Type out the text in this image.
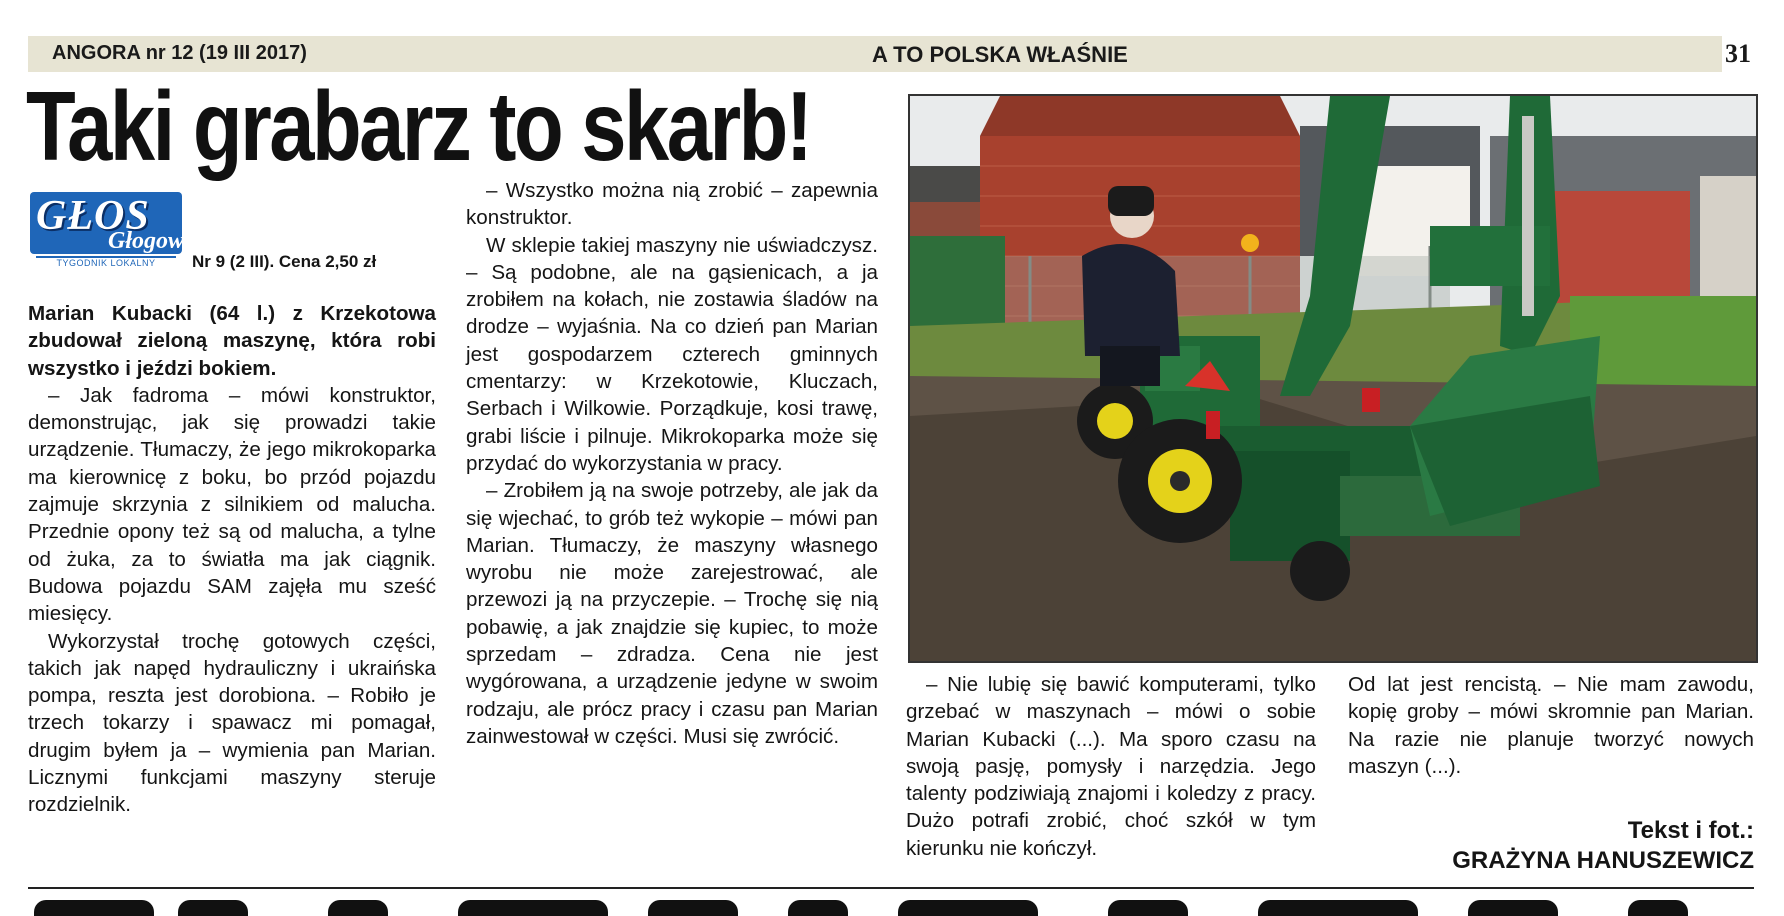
ANGORA nr 12 (19 III 2017)	A TO POLSKA WŁAŚNIE	31
Taki grabarz to skarb!
GŁOS
Głogowa
TYGODNIK LOKALNY	Nr 9 (2 III). Cena 2,50 zł

Marian Kubacki (64 l.) z Krzekotowa zbudował zieloną maszynę, która robi wszystko i jeździ bokiem.

– Jak fadroma – mówi konstruktor, demonstrując, jak się prowadzi takie urządzenie. Tłumaczy, że jego mikrokoparka ma kierownicę z boku, bo przód pojazdu zajmuje skrzynia z silnikiem od malucha. Przednie opony też są od malucha, a tylne od żuka, za to światła ma jak ciągnik. Budowa pojazdu SAM zajęła mu sześć miesięcy.

Wykorzystał trochę gotowych części, takich jak napęd hydrauliczny i ukraińska pompa, reszta jest dorobiona. – Robiło je trzech tokarzy i spawacz mi pomagał, drugim byłem ja – wymienia pan Marian. Licznymi funkcjami maszyny steruje rozdzielnik.

– Wszystko można nią zrobić – zapewnia konstruktor.

W sklepie takiej maszyny nie uświadczysz. – Są podobne, ale na gąsienicach, a ja zrobiłem na kołach, nie zostawia śladów na drodze – wyjaśnia. Na co dzień pan Marian jest gospodarzem czterech gminnych cmentarzy: w Krzekotowie, Kluczach, Serbach i Wilkowie. Porządkuje, kosi trawę, grabi liście i pilnuje. Mikrokoparka może się przydać do wykorzystania w pracy.

– Zrobiłem ją na swoje potrzeby, ale jak da się wjechać, to grób też wykopie – mówi pan Marian. Tłumaczy, że maszyny własnego wyrobu nie może zarejestrować, ale przewozi ją na przyczepie. – Trochę się nią pobawię, a jak znajdzie się kupiec, to może sprzedam – zdradza. Cena nie jest wygórowana, a urządzenie jedyne w swoim rodzaju, ale prócz pracy i czasu pan Marian zainwestował w części. Musi się zwrócić.

– Nie lubię się bawić komputerami, tylko grzebać w maszynach – mówi o sobie Marian Kubacki (...). Ma sporo czasu na swoją pasję, pomysły i narzędzia. Jego talenty podziwiają znajomi i koledzy z pracy. Dużo potrafi zrobić, choć szkół w tym kierunku nie kończył.

Od lat jest rencistą. – Nie mam zawodu, kopię groby – mówi skromnie pan Marian. Na razie nie planuje tworzyć nowych maszyn (...).

Tekst i fot.:
GRAŻYNA HANUSZEWICZ
